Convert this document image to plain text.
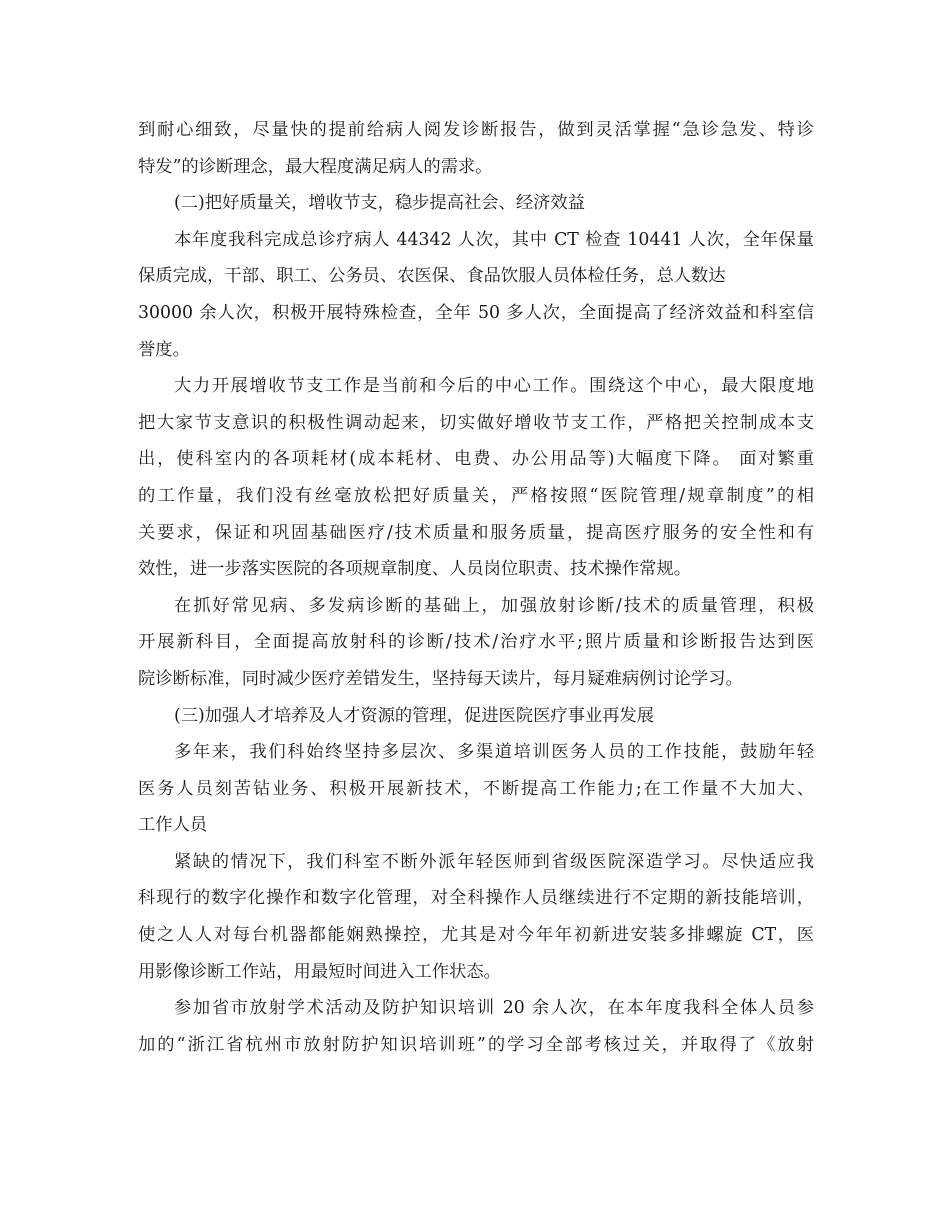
到耐心细致，尽量快的提前给病人阅发诊断报告，做到灵活掌握“急诊急发、特诊
特发”的诊断理念，最大程度满足病人的需求。
(二)把好质量关，增收节支，稳步提高社会、经济效益
本年度我科完成总诊疗病人 44342 人次，其中 CT 检查 10441 人次，全年保量
保质完成，干部、职工、公务员、农医保、食品饮服人员体检任务，总人数达
30000 余人次，积极开展特殊检查，全年 50 多人次，全面提高了经济效益和科室信
誉度。
大力开展增收节支工作是当前和今后的中心工作。围绕这个中心，最大限度地
把大家节支意识的积极性调动起来，切实做好增收节支工作，严格把关控制成本支
出，使科室内的各项耗材(成本耗材、电费、办公用品等)大幅度下降。 面对繁重
的工作量，我们没有丝毫放松把好质量关，严格按照“医院管理/规章制度”的相
关要求，保证和巩固基础医疗/技术质量和服务质量，提高医疗服务的安全性和有
效性，进一步落实医院的各项规章制度、人员岗位职责、技术操作常规。
在抓好常见病、多发病诊断的基础上，加强放射诊断/技术的质量管理，积极
开展新科目，全面提高放射科的诊断/技术/治疗水平;照片质量和诊断报告达到医
院诊断标准，同时减少医疗差错发生，坚持每天读片，每月疑难病例讨论学习。
(三)加强人才培养及人才资源的管理，促进医院医疗事业再发展
多年来，我们科始终坚持多层次、多渠道培训医务人员的工作技能，鼓励年轻
医务人员刻苦钻业务、积极开展新技术，不断提高工作能力;在工作量不大加大、
工作人员
紧缺的情况下，我们科室不断外派年轻医师到省级医院深造学习。尽快适应我
科现行的数字化操作和数字化管理，对全科操作人员继续进行不定期的新技能培训，
使之人人对每台机器都能娴熟操控，尤其是对今年年初新进安装多排螺旋 CT，医
用影像诊断工作站，用最短时间进入工作状态。
参加省市放射学术活动及防护知识培训 20 余人次，在本年度我科全体人员参
加的“浙江省杭州市放射防护知识培训班”的学习全部考核过关，并取得了《放射
